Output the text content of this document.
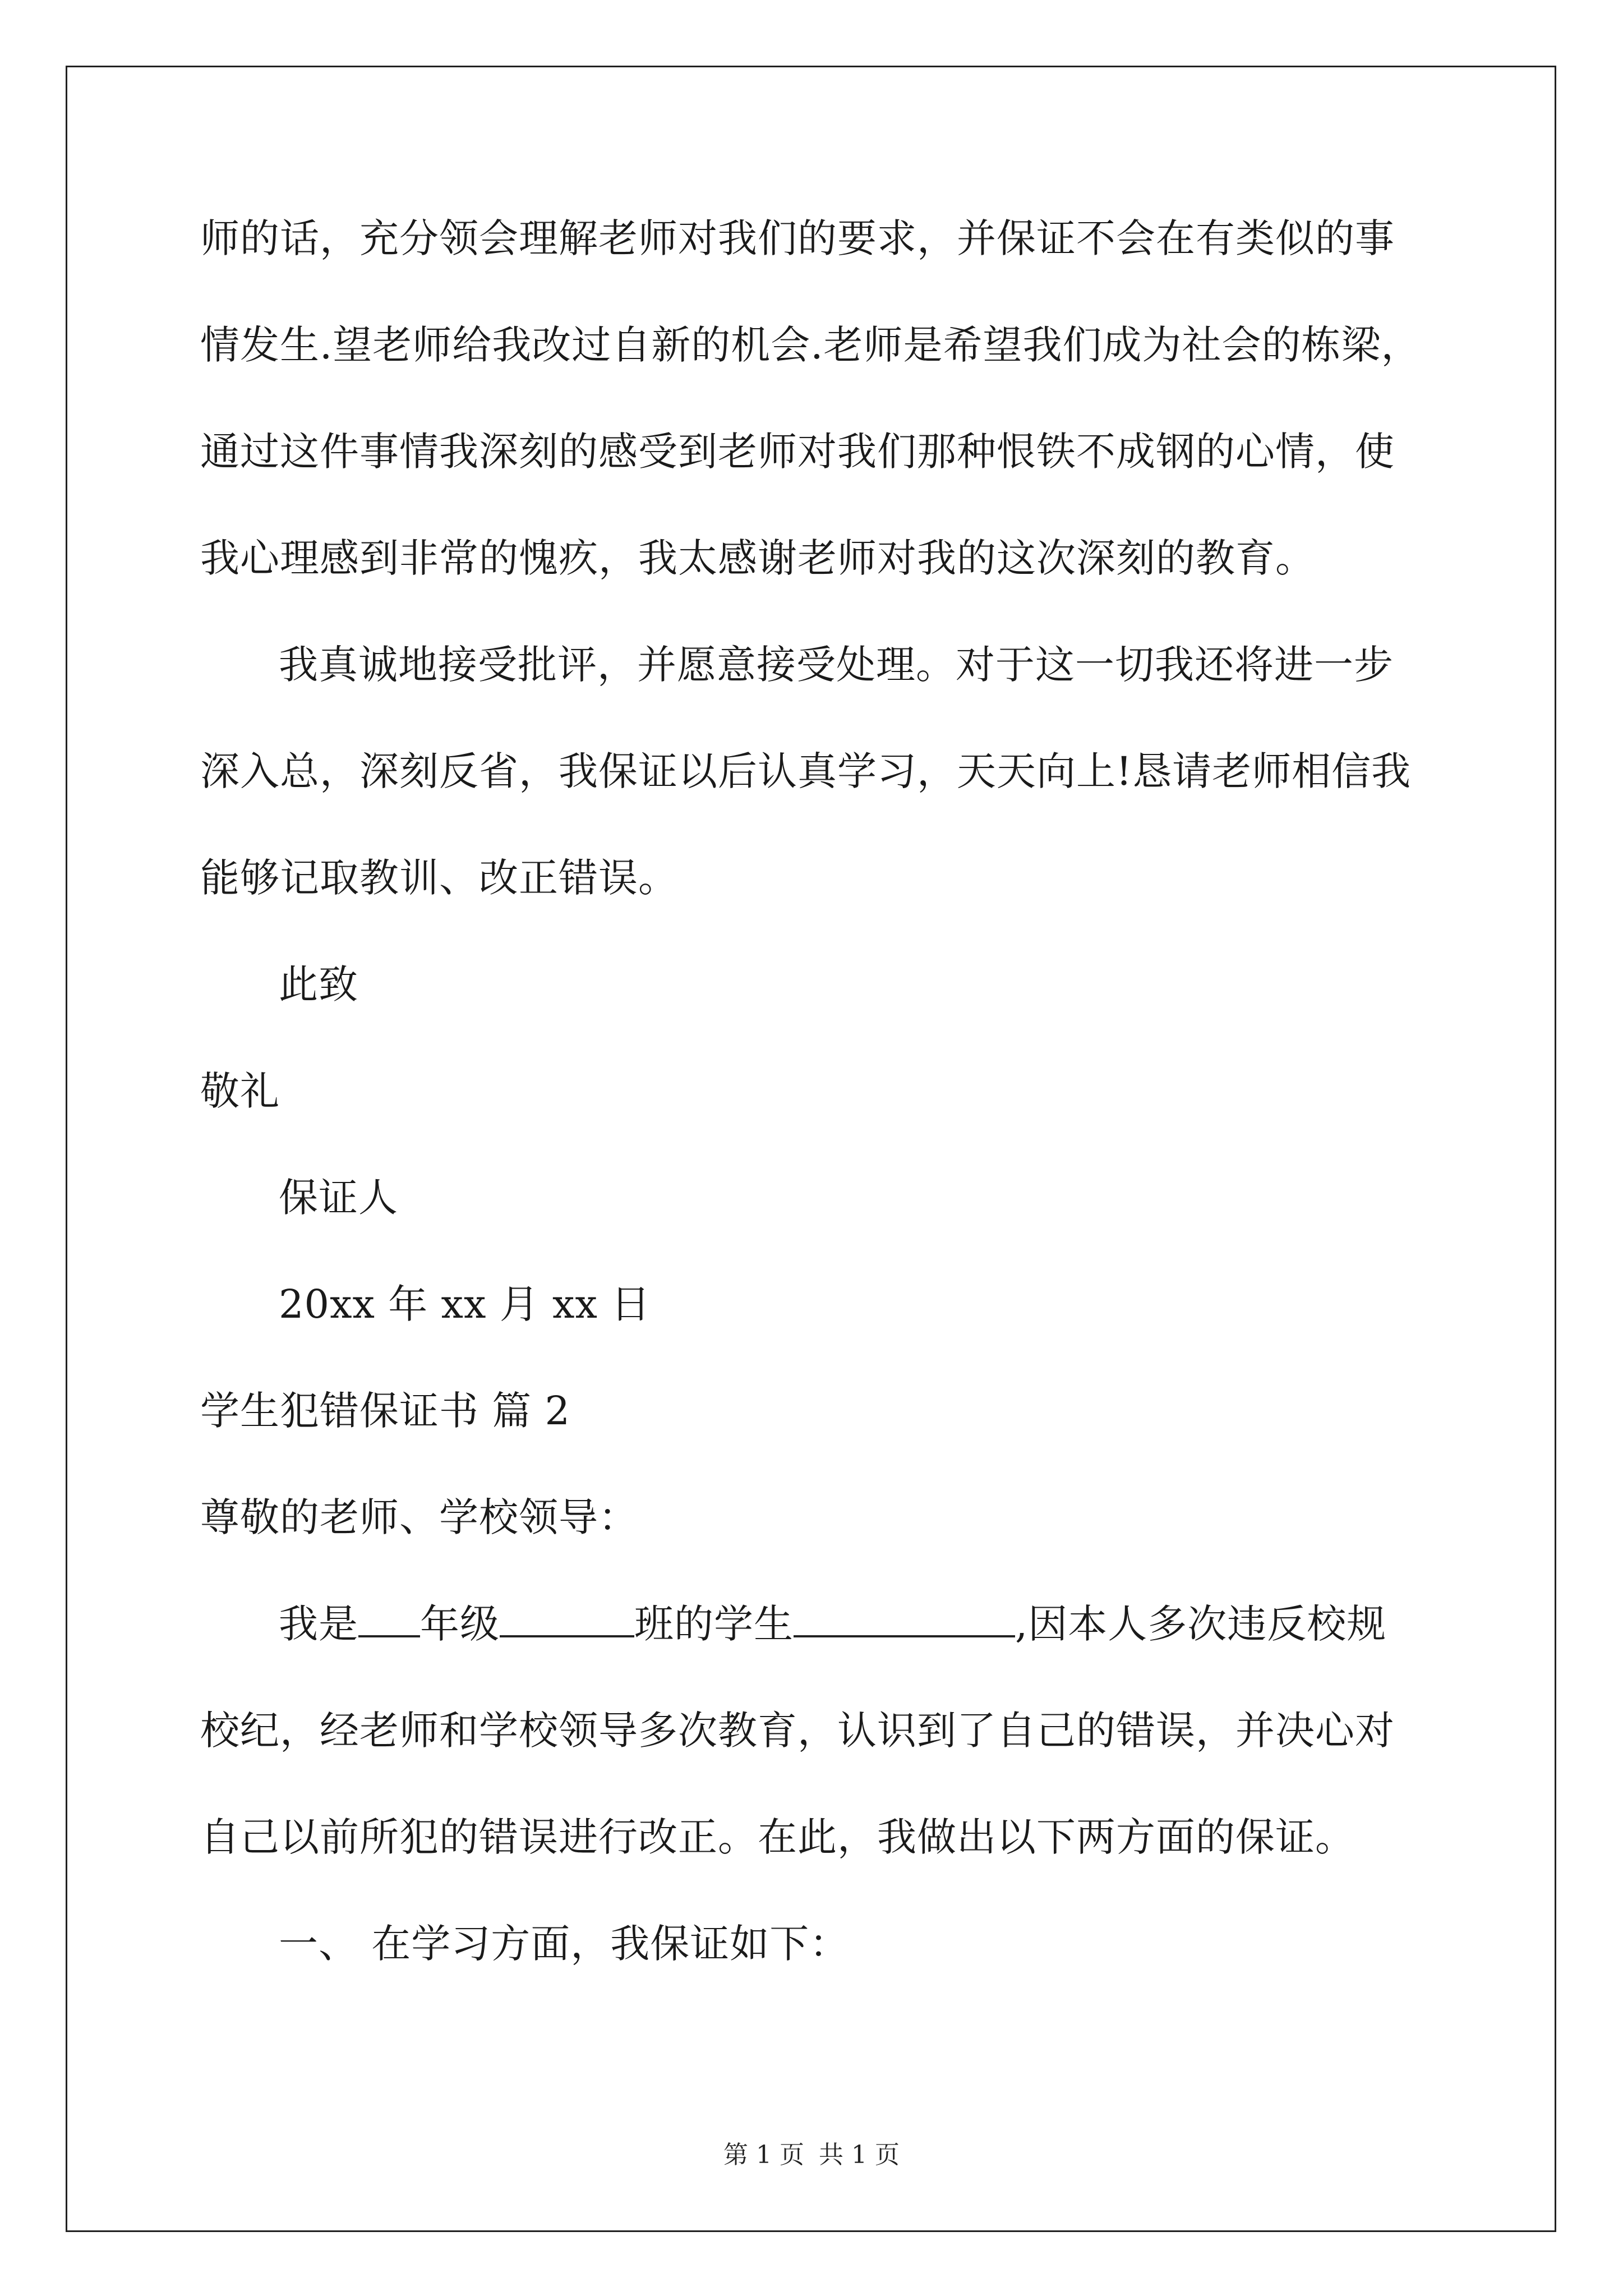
师的话，充分领会理解老师对我们的要求，并保证不会在有类似的事
情发生.望老师给我改过自新的机会.老师是希望我们成为社会的栋梁，
通过这件事情我深刻的感受到老师对我们那种恨铁不成钢的心情，使
我心理感到非常的愧疚，我太感谢老师对我的这次深刻的教育。
我真诚地接受批评，并愿意接受处理。对于这一切我还将进一步
深入总，深刻反省，我保证以后认真学习，天天向上!恳请老师相信我
能够记取教训、改正错误。
此致
敬礼
保证人
20xx 年 xx 月 xx 日
学生犯错保证书 篇 2
尊敬的老师、学校领导：
我是 年级	班的学生	,因本人多次违反校规
校纪，经老师和学校领导多次教育，认识到了自己的错误，并决心对
自己以前所犯的错误进行改正。在此，我做出以下两方面的保证。
一、 在学习方面，我保证如下：
第 1 页 共 1 页
